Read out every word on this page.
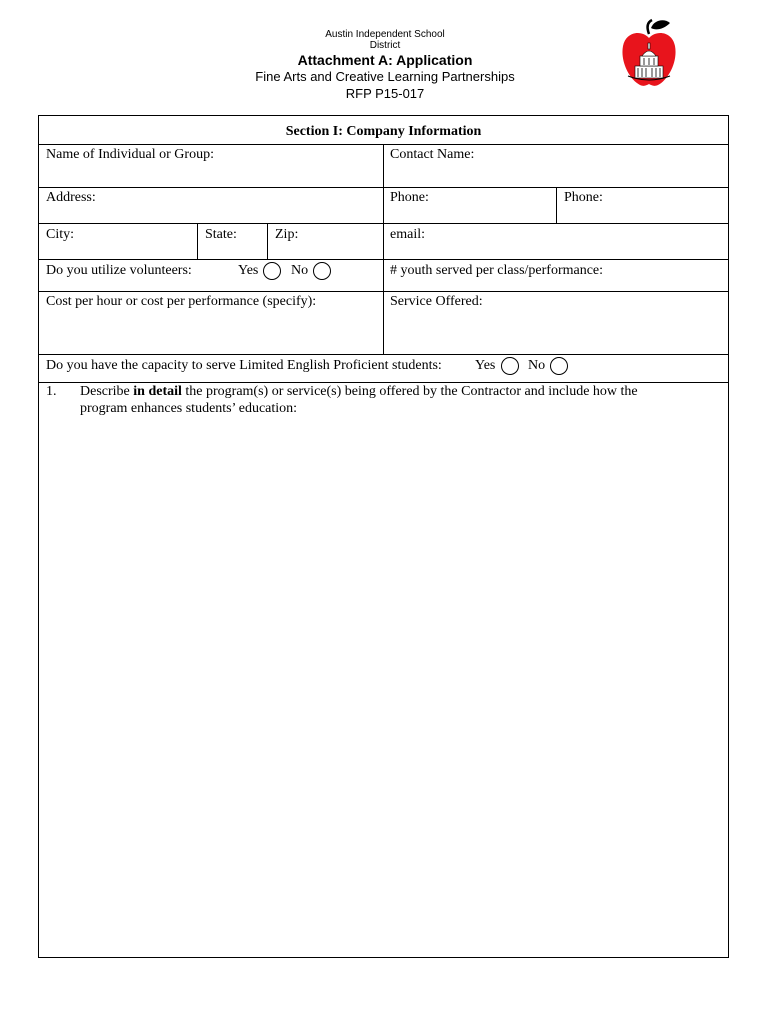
Austin Independent School
District
Attachment A: Application
Fine Arts and Creative Learning Partnerships
RFP P15-017
Section I: Company Information
Name of Individual or Group:	Contact Name:
Address:	Phone:	Phone:
City:	State:	Zip:	email:
Do you utilize volunteers:	Yes No	# youth served per class/performance:
Cost per hour or cost per performance (specify):	Service Offered:
Do you have the capacity to serve Limited English Proficient students: Yes No
1. Describe in detail the program(s) or service(s) being offered by the Contractor and include how the
program enhances students’ education:
